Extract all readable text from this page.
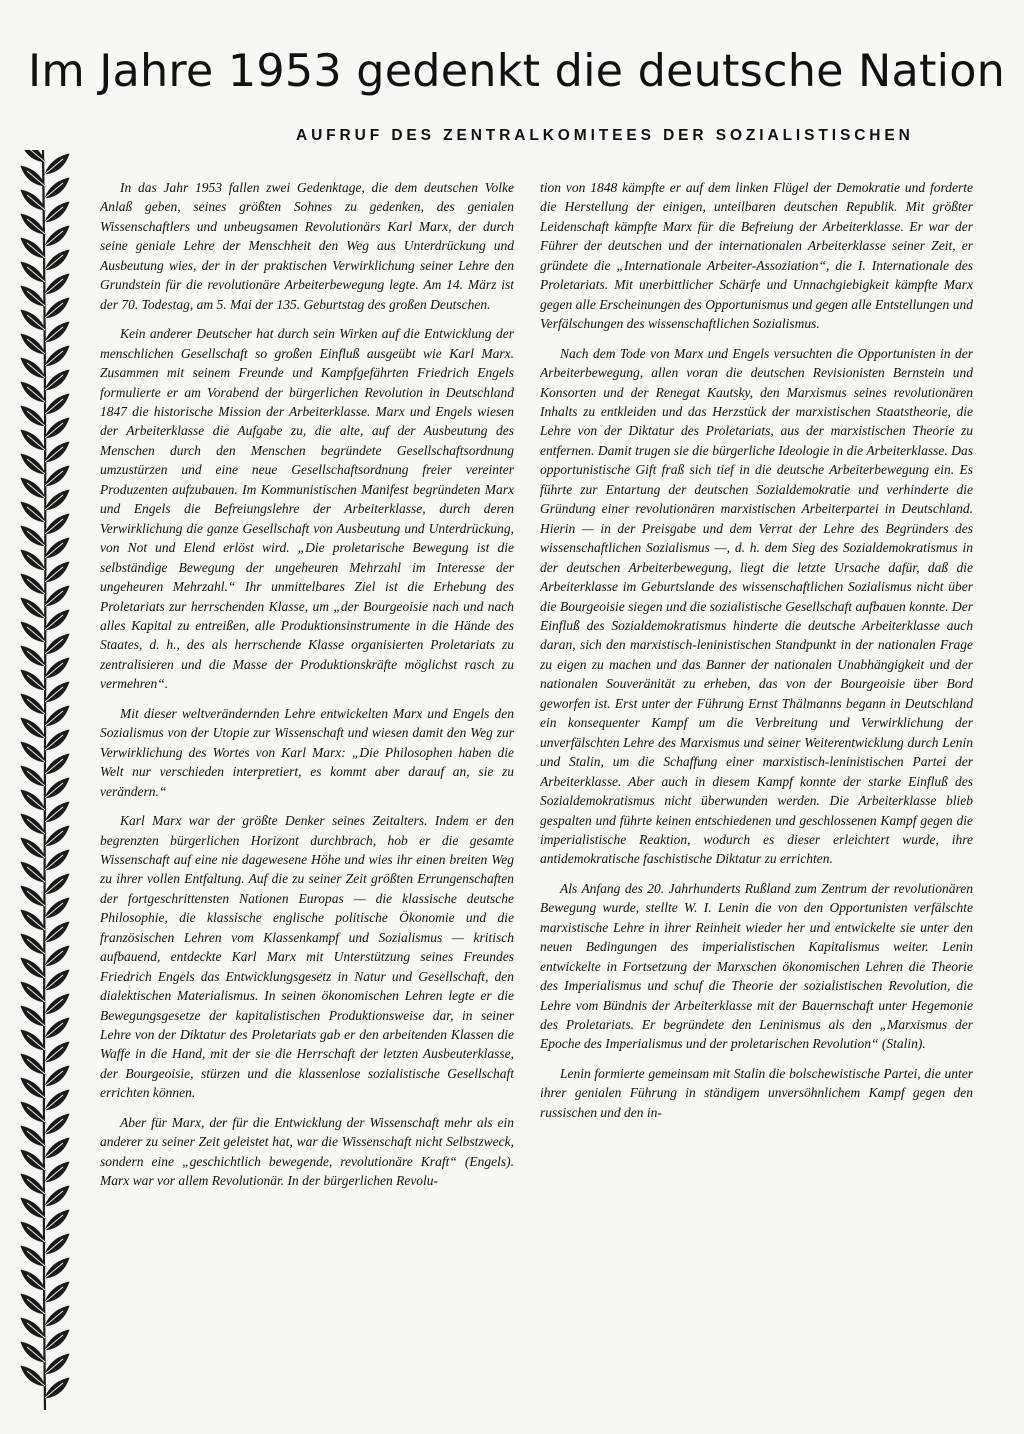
Im Jahre 1953 gedenkt die deutsche Nation
AUFRUF DES ZENTRALKOMITEES DER SOZIALISTISCHEN

In das Jahr 1953 fallen zwei Gedenktage, die dem deutschen Volke Anlaß geben, seines größten Sohnes zu gedenken, des genialen Wissenschaftlers und unbeugsamen Revolutionärs Karl Marx, der durch seine geniale Lehre der Menschheit den Weg aus Unterdrückung und Ausbeutung wies, der in der praktischen Verwirklichung seiner Lehre den Grundstein für die revolutionäre Arbeiterbewegung legte. Am 14. März ist der 70. Todestag, am 5. Mai der 135. Geburtstag des großen Deutschen.

Kein anderer Deutscher hat durch sein Wirken auf die Entwicklung der menschlichen Gesellschaft so großen Einfluß ausgeübt wie Karl Marx. Zusammen mit seinem Freunde und Kampfgefährten Friedrich Engels formulierte er am Vorabend der bürgerlichen Revolution in Deutschland 1847 die historische Mission der Arbeiterklasse. Marx und Engels wiesen der Arbeiterklasse die Aufgabe zu, die alte, auf der Ausbeutung des Menschen durch den Menschen begründete Gesellschaftsordnung umzustürzen und eine neue Gesellschaftsordnung freier vereinter Produzenten aufzubauen. Im Kommunistischen Manifest begründeten Marx und Engels die Befreiungslehre der Arbeiterklasse, durch deren Verwirklichung die ganze Gesellschaft von Ausbeutung und Unterdrückung, von Not und Elend erlöst wird. „Die proletarische Bewegung ist die selbständige Bewegung der ungeheuren Mehrzahl im Interesse der ungeheuren Mehrzahl.“ Ihr unmittelbares Ziel ist die Erhebung des Proletariats zur herrschenden Klasse, um „der Bourgeoisie nach und nach alles Kapital zu entreißen, alle Produktionsinstrumente in die Hände des Staates, d. h., des als herrschende Klasse organisierten Proletariats zu zentralisieren und die Masse der Produktionskräfte möglichst rasch zu vermehren“.

Mit dieser weltverändernden Lehre entwickelten Marx und Engels den Sozialismus von der Utopie zur Wissenschaft und wiesen damit den Weg zur Verwirklichung des Wortes von Karl Marx: „Die Philosophen haben die Welt nur verschieden interpretiert, es kommt aber darauf an, sie zu verändern.“

Karl Marx war der größte Denker seines Zeitalters. Indem er den begrenzten bürgerlichen Horizont durchbrach, hob er die gesamte Wissenschaft auf eine nie dagewesene Höhe und wies ihr einen breiten Weg zu ihrer vollen Entfaltung. Auf die zu seiner Zeit größten Errungenschaften der fortgeschrittensten Nationen Europas — die klassische deutsche Philosophie, die klassische englische politische Ökonomie und die französischen Lehren vom Klassenkampf und Sozialismus — kritisch aufbauend, entdeckte Karl Marx mit Unterstützung seines Freundes Friedrich Engels das Entwicklungsgesetz in Natur und Gesellschaft, den dialektischen Materialismus. In seinen ökonomischen Lehren legte er die Bewegungsgesetze der kapitalistischen Produktionsweise dar, in seiner Lehre von der Diktatur des Proletariats gab er den arbeitenden Klassen die Waffe in die Hand, mit der sie die Herrschaft der letzten Ausbeuterklasse, der Bourgeoisie, stürzen und die klassenlose sozialistische Gesellschaft errichten können.

Aber für Marx, der für die Entwicklung der Wissenschaft mehr als ein anderer zu seiner Zeit geleistet hat, war die Wissenschaft nicht Selbstzweck, sondern eine „geschichtlich bewegende, revolutionäre Kraft“ (Engels). Marx war vor allem Revolutionär. In der bürgerlichen Revolu-

tion von 1848 kämpfte er auf dem linken Flügel der Demokratie und forderte die Herstellung der einigen, unteilbaren deutschen Republik. Mit größter Leidenschaft kämpfte Marx für die Befreiung der Arbeiterklasse. Er war der Führer der deutschen und der internationalen Arbeiterklasse seiner Zeit, er gründete die „Internationale Arbeiter-Assoziation“, die I. Internationale des Proletariats. Mit unerbittlicher Schärfe und Unnachgiebigkeit kämpfte Marx gegen alle Erscheinungen des Opportunismus und gegen alle Entstellungen und Verfälschungen des wissenschaftlichen Sozialismus.

Nach dem Tode von Marx und Engels versuchten die Opportunisten in der Arbeiterbewegung, allen voran die deutschen Revisionisten Bernstein und Konsorten und der Renegat Kautsky, den Marxismus seines revolutionären Inhalts zu entkleiden und das Herzstück der marxistischen Staatstheorie, die Lehre von der Diktatur des Proletariats, aus der marxistischen Theorie zu entfernen. Damit trugen sie die bürgerliche Ideologie in die Arbeiterklasse. Das opportunistische Gift fraß sich tief in die deutsche Arbeiterbewegung ein. Es führte zur Entartung der deutschen Sozialdemokratie und verhinderte die Gründung einer revolutionären marxistischen Arbeiterpartei in Deutschland. Hierin — in der Preisgabe und dem Verrat der Lehre des Begründers des wissenschaftlichen Sozialismus —, d. h. dem Sieg des Sozialdemokratismus in der deutschen Arbeiterbewegung, liegt die letzte Ursache dafür, daß die Arbeiterklasse im Geburtslande des wissenschaftlichen Sozialismus nicht über die Bourgeoisie siegen und die sozialistische Gesellschaft aufbauen konnte. Der Einfluß des Sozialdemokratismus hinderte die deutsche Arbeiterklasse auch daran, sich den marxistisch-leninistischen Standpunkt in der nationalen Frage zu eigen zu machen und das Banner der nationalen Unabhängigkeit und der nationalen Souveränität zu erheben, das von der Bourgeoisie über Bord geworfen ist. Erst unter der Führung Ernst Thälmanns begann in Deutschland ein konsequenter Kampf um die Verbreitung und Verwirklichung der unverfälschten Lehre des Marxismus und seiner Weiterentwicklung durch Lenin und Stalin, um die Schaffung einer marxistisch-leninistischen Partei der Arbeiterklasse. Aber auch in diesem Kampf konnte der starke Einfluß des Sozialdemokratismus nicht überwunden werden. Die Arbeiterklasse blieb gespalten und führte keinen entschiedenen und geschlossenen Kampf gegen die imperialistische Reaktion, wodurch es dieser erleichtert wurde, ihre antidemokratische faschistische Diktatur zu errichten.

Als Anfang des 20. Jahrhunderts Rußland zum Zentrum der revolutionären Bewegung wurde, stellte W. I. Lenin die von den Opportunisten verfälschte marxistische Lehre in ihrer Reinheit wieder her und entwickelte sie unter den neuen Bedingungen des imperialistischen Kapitalismus weiter. Lenin entwickelte in Fortsetzung der Marxschen ökonomischen Lehren die Theorie des Imperialismus und schuf die Theorie der sozialistischen Revolution, die Lehre vom Bündnis der Arbeiterklasse mit der Bauernschaft unter Hegemonie des Proletariats. Er begründete den Leninismus als den „Marxismus der Epoche des Imperialismus und der proletarischen Revolution“ (Stalin).

Lenin formierte gemeinsam mit Stalin die bolschewistische Partei, die unter ihrer genialen Führung in ständigem unversöhnlichem Kampf gegen den russischen und den in-
